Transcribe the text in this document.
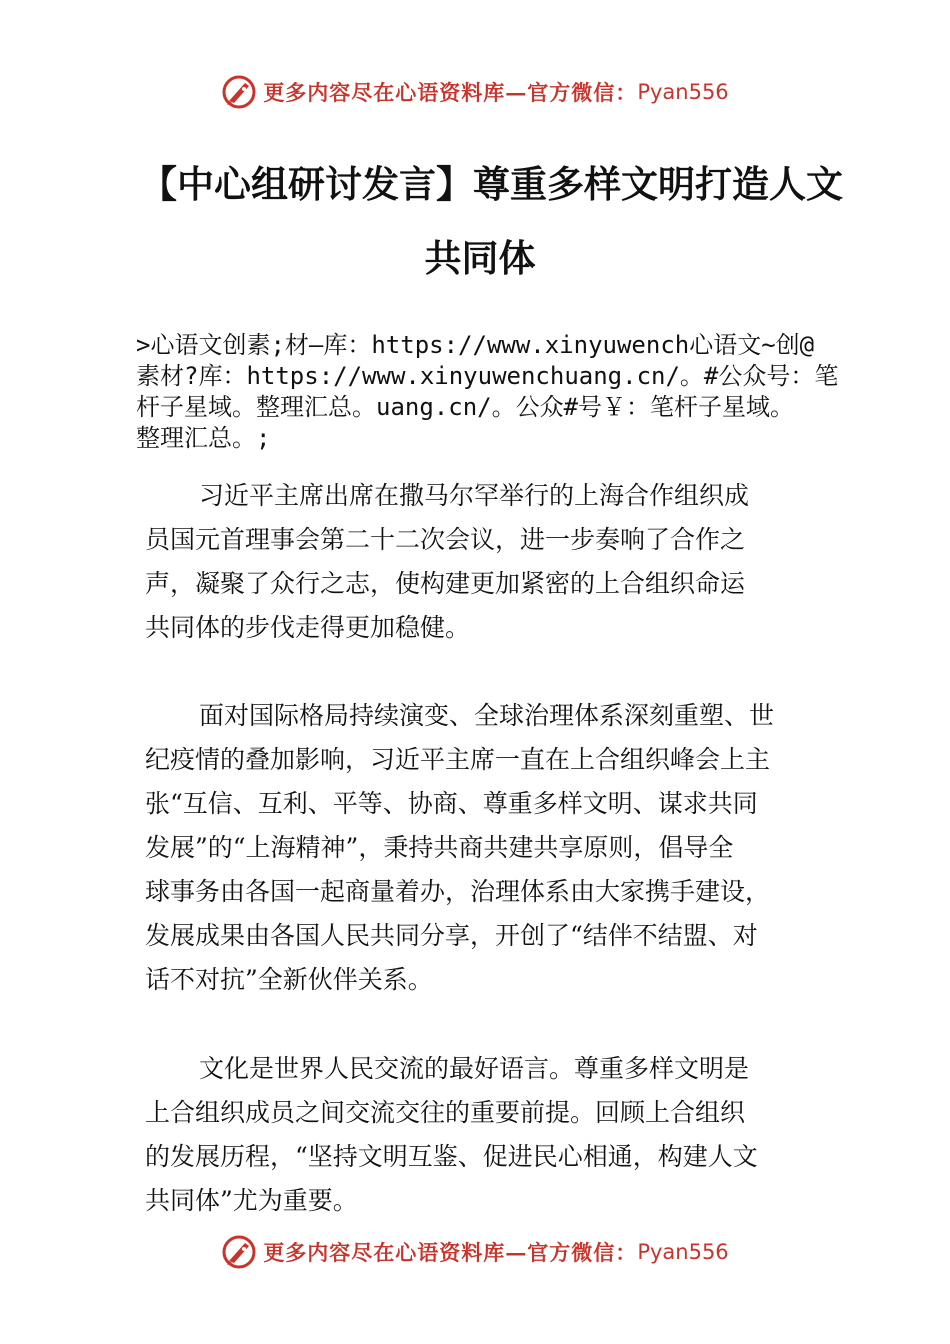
更多内容尽在心语资料库—官方微信： Pyan556
【中心组研讨发言】尊重多样文明打造人文
共同体
>心语文创素;材—库：https://www.xinyuwench心语文~创@
素材?库：https://www.xinyuwenchuang.cn/。#公众号：笔
杆子星域。整理汇总。uang.cn/。公众#号￥：笔杆子星域。
整理汇总。;
习近平主席出席在撒马尔罕举行的上海合作组织成
员国元首理事会第二十二次会议，进一步奏响了合作之
声，凝聚了众行之志，使构建更加紧密的上合组织命运
共同体的步伐走得更加稳健。
面对国际格局持续演变、全球治理体系深刻重塑、世
纪疫情的叠加影响，习近平主席一直在上合组织峰会上主
张“互信、互利、平等、协商、尊重多样文明、谋求共同
发展”的“上海精神”，秉持共商共建共享原则，倡导全
球事务由各国一起商量着办，治理体系由大家携手建设，
发展成果由各国人民共同分享，开创了“结伴不结盟、对
话不对抗”全新伙伴关系。
文化是世界人民交流的最好语言。尊重多样文明是
上合组织成员之间交流交往的重要前提。回顾上合组织
的发展历程，“坚持文明互鉴、促进民心相通，构建人文
共同体”尤为重要。
更多内容尽在心语资料库—官方微信： Pyan556
